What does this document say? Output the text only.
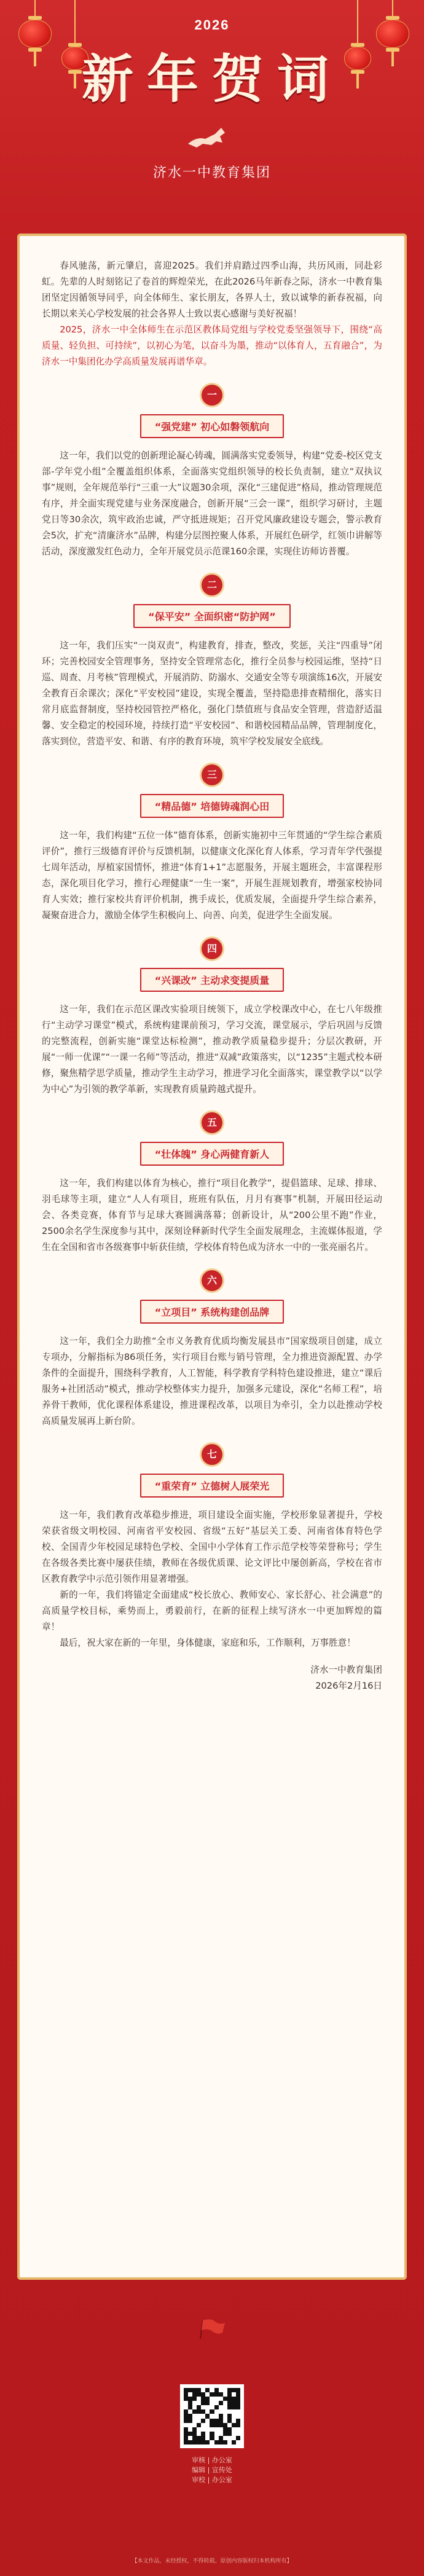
2026
新年贺词
济水一中教育集团

春风驰荡，新元肇启，喜迎2025。我们并肩踏过四季山海，共历风雨，同赴彩虹。先辈的人时刻铭记了卷首的辉煌荣光，在此2026马年新春之际，济水一中教育集团坚定因循领导同乎，向全体师生、家长朋友，各界人士，致以诚挚的新春祝福，向长期以来关心学校发展的社会各界人士致以衷心感谢与美好祝福！

2025，济水一中全体师生在示范区教体局党组与学校党委坚强领导下，围绕“高质量、轻负担、可持续”，以初心为笔，以奋斗为墨，推动“以体育人，五育融合”，为济水一中集团化办学高质量发展再谱华章。

一
“强党建” 初心如磐领航向

这一年，我们以党的创新理论凝心铸魂，圆满落实党委领导，构建“党委-校区党支部-学年党小组”全覆盖组织体系，全面落实党组织领导的校长负责制，建立“双执议事”规则，全年规范举行“三重一大”议题30余项，深化“三建促进”格局，推动管理规范有序，并全面实现党建与业务深度融合，创新开展“三会一课”，组织学习研讨，主题党日等30余次，筑牢政治忠诚，严守抵进规矩；召开党风廉政建设专题会，警示教育会5次，扩充“清廉济水”品牌，构建分层图控聚人体系，开展红色研学，红领巾讲解等活动，深度激发红色动力，全年开展党员示范课160余课，实现住访师访普覆。

二
“保平安” 全面织密“防护网”

这一年，我们压实“一岗双责”，构建教育，排查，整改，奖惩，关注“四重导”闭环；完善校园安全管理事务，坚持安全管理常态化，推行全员参与校园运维，坚持“日巡、周查、月考核”管理模式，开展消防、防溺水、交通安全等专项演练16次，开展安全教育百余课次；深化“平安校园”建设，实现全覆盖，坚持隐患排查精细化，落实日常月底监督制度，坚持校园管控严格化，强化门禁值班与食品安全管理，营造舒适温馨、安全稳定的校园环境，持续打造“平安校园”、和谐校园精品品牌，管理制度化，落实到位，营造平安、和谐、有序的教育环境，筑牢学校发展安全底线。

三
“精品德” 培德铸魂润心田

这一年，我们构建“五位一体”德育体系，创新实施初中三年贯通的“学生综合素质评价”，推行三级德育评价与反馈机制，以健康文化深化育人体系，学习青年学代强提七周年活动，厚植家国情怀，推进“体育1+1”志愿服务，开展主题班会，丰富课程形态，深化项目化学习，推行心理健康“一生一案”，开展生涯规划教育，增强家校协同育人实效；推行家校共育评价机制，携手成长，优质发展，全面提升学生综合素养，凝聚奋进合力，激励全体学生积极向上、向善、向美，促进学生全面发展。

四
“兴课改” 主动求变提质量

这一年，我们在示范区课改实验项目统领下，成立学校课改中心，在七八年级推行“主动学习课堂”模式，系统构建课前预习，学习交流，课堂展示，学后巩固与反馈的完整流程，创新实施“课堂达标检测”，推动教学质量稳步提升；分层次教研，开展“一师一优课”“一课一名师”等活动，推进“双减”政策落实，以“1235”主题式校本研修，聚焦精学思学质量，推动学生主动学习，推进学习化全面落实，课堂教学以“以学为中心”为引领的教学革新，实现教育质量跨越式提升。

五
“壮体魄” 身心两健育新人

这一年，我们构建以体育为核心，推行“项目化教学”，提倡篮球、足球、排球、羽毛球等主项，建立“人人有项目，班班有队伍，月月有赛事”机制，开展田径运动会、各类竞赛，体育节与足球大赛圆满落幕；创新设计，从“200公里不跑”作业，2500余名学生深度参与其中，深刻诠释新时代学生全面发展理念，主流媒体报道，学生在全国和省市各级赛事中斩获佳绩，学校体育特色成为济水一中的一张亮丽名片。

六
“立项目” 系统构建创品牌

这一年，我们全力助推“全市义务教育优质均衡发展县市”国家级项目创建，成立专项办，分解指标为86项任务，实行项目台账与销号管理，全力推进资源配置、办学条件的全面提升，围绕科学教育，人工智能，科学教育学科特色建设推进，建立“课后服务+社团活动”模式，推动学校整体实力提升，加强多元建设，深化“名师工程”，培养骨干教师，优化课程体系建设，推进课程改革，以项目为牵引，全力以赴推动学校高质量发展再上新台阶。

七
“重荣育” 立德树人展荣光

这一年，我们教育改革稳步推进，项目建设全面实施，学校形象显著提升，学校荣获省级文明校园、河南省平安校园、省级“五好”基层关工委、河南省体育特色学校、全国青少年校园足球特色学校、全国中小学体育工作示范学校等荣誉称号；学生在各级各类比赛中屡获佳绩，教师在各级优质课、论文评比中屡创新高，学校在省市区教育教学中示范引领作用显著增强。

新的一年，我们将锚定全面建成“校长放心、教师安心、家长舒心、社会满意”的高质量学校目标，乘势而上，勇毅前行，在新的征程上续写济水一中更加辉煌的篇章！

最后，祝大家在新的一年里，身体健康，家庭和乐，工作顺利，万事胜意！

济水一中教育集团
2026年2月16日
审核 | 办公室
编辑 | 宣传处
审校 | 办公室
【本文作品，未经授权，不得转载。原创内容版权归本机构所有】
